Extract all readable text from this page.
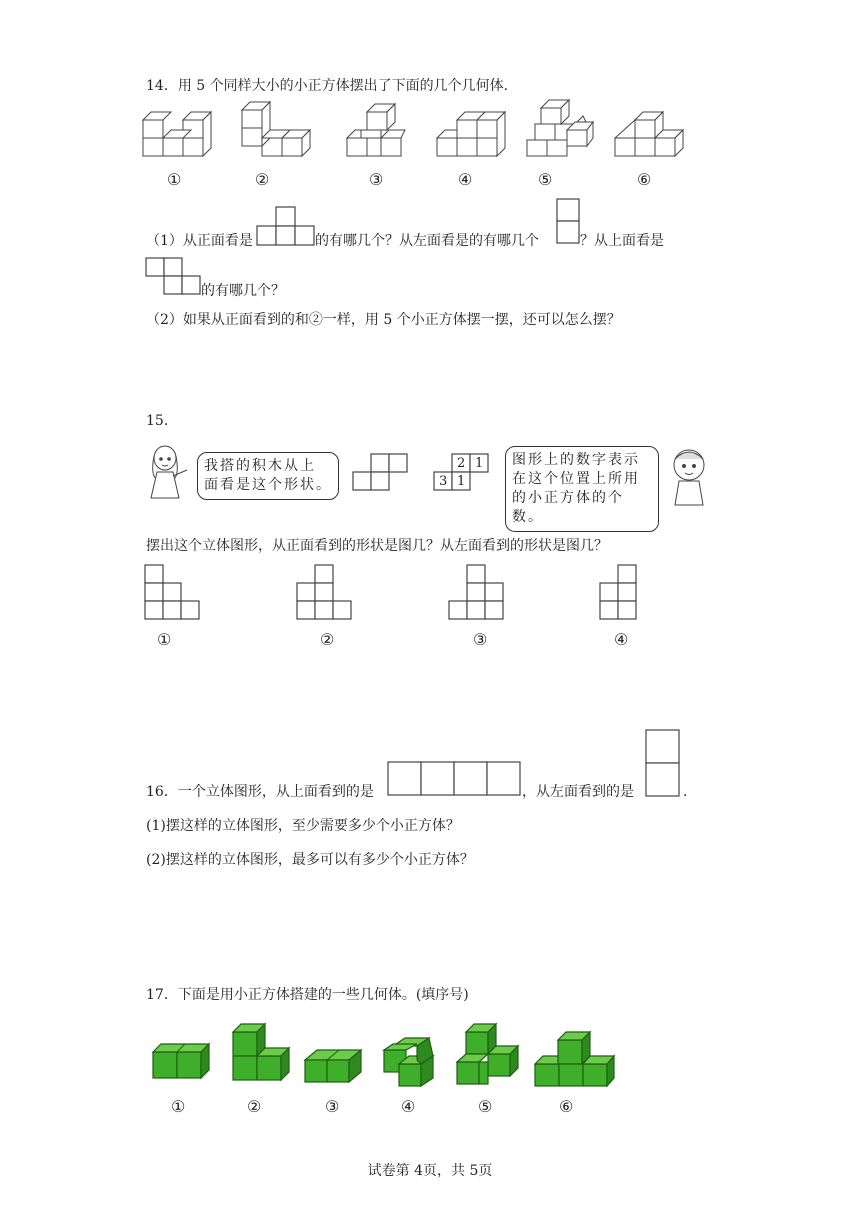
14．用 5 个同样大小的小正方体摆出了下面的几个几何体.
①	②	③	④	⑤	⑥
（1）从正面看是	的有哪几个？从左面看是的有哪几个	？从上面看是
的有哪几个？
（2）如果从正面看到的和②一样，用 5 个小正方体摆一摆，还可以怎么摆？
15．
我搭的积木从上
面看是这个形状。
2 1
3 1
图形上的数字表示
在这个位置上所用
的小正方体的个数。
摆出这个立体图形，从正面看到的形状是图几？从左面看到的形状是图几？
①	②	③	④
16．一个立体图形，从上面看到的是	，从左面看到的是	.
(1)摆这样的立体图形，至少需要多少个小正方体？
(2)摆这样的立体图形，最多可以有多少个小正方体？
17．下面是用小正方体搭建的一些几何体。(填序号)
①	②	③	④	⑤	⑥
试卷第 4页，共 5页
